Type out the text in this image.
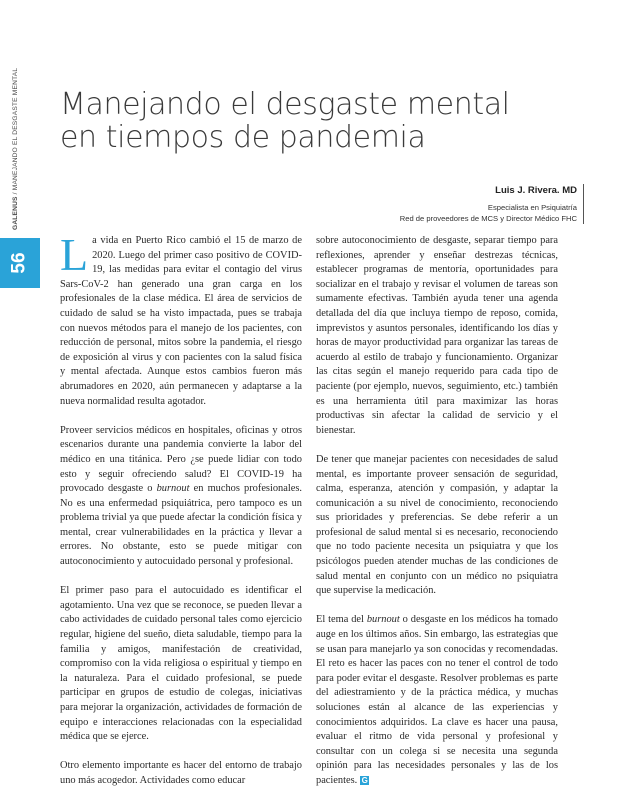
56
GALENUS / MANEJANDO EL DESGASTE MENTAL	Manejando el desgaste mental
en tiempos de pandemia
Luis J. Rivera. MD
Especialista en Psiquiatría
Red de proveedores de MCS y Director Médico FHC

La vida en Puerto Rico cambió el 15 de marzo de 2020. Luego del primer caso positivo de COVID-19, las medidas para evitar el contagio del virus Sars-CoV-2 han generado una gran carga en los profesionales de la clase médica. El área de servicios de cuidado de salud se ha visto impactada, pues se trabaja con nuevos métodos para el manejo de los pacientes, con reducción de personal, mitos sobre la pandemia, el riesgo de exposición al virus y con pacientes con la salud física y mental afectada. Aunque estos cambios fueron más abrumadores en 2020, aún permanecen y adaptarse a la nueva normalidad resulta agotador.

Proveer servicios médicos en hospitales, oficinas y otros escenarios durante una pandemia convierte la labor del médico en una titánica. Pero ¿se puede lidiar con todo esto y seguir ofreciendo salud? El COVID-19 ha provocado desgaste o burnout en muchos profesionales. No es una enfermedad psiquiátrica, pero tampoco es un problema trivial ya que puede afectar la condición física y mental, crear vulnerabilidades en la práctica y llevar a errores. No obstante, esto se puede mitigar con autoconocimiento y autocuidado personal y profesional.

El primer paso para el autocuidado es identificar el agotamiento. Una vez que se reconoce, se pueden llevar a cabo actividades de cuidado personal tales como ejercicio regular, higiene del sueño, dieta saludable, tiempo para la familia y amigos, manifestación de creatividad, compromiso con la vida religiosa o espiritual y tiempo en la naturaleza. Para el cuidado profesional, se puede participar en grupos de estudio de colegas, iniciativas para mejorar la organización, actividades de formación de equipo e interacciones relacionadas con la especialidad médica que se ejerce.

Otro elemento importante es hacer del entorno de trabajo uno más acogedor. Actividades como educar

sobre autoconocimiento de desgaste, separar tiempo para reflexiones, aprender y enseñar destrezas técnicas, establecer programas de mentoría, oportunidades para socializar en el trabajo y revisar el volumen de tareas son sumamente efectivas. También ayuda tener una agenda detallada del día que incluya tiempo de reposo, comida, imprevistos y asuntos personales, identificando los días y horas de mayor productividad para organizar las tareas de acuerdo al estilo de trabajo y funcionamiento. Organizar las citas según el manejo requerido para cada tipo de paciente (por ejemplo, nuevos, seguimiento, etc.) también es una herramienta útil para maximizar las horas productivas sin afectar la calidad de servicio y el bienestar.

De tener que manejar pacientes con necesidades de salud mental, es importante proveer sensación de seguridad, calma, esperanza, atención y compasión, y adaptar la comunicación a su nivel de conocimiento, reconociendo sus prioridades y preferencias. Se debe referir a un profesional de salud mental si es necesario, reconociendo que no todo paciente necesita un psiquiatra y que los psicólogos pueden atender muchas de las condiciones de salud mental en conjunto con un médico no psiquiatra que supervise la medicación.

El tema del burnout o desgaste en los médicos ha tomado auge en los últimos años. Sin embargo, las estrategias que se usan para manejarlo ya son conocidas y recomendadas. El reto es hacer las paces con no tener el control de todo para poder evitar el desgaste. Resolver problemas es parte del adiestramiento y de la práctica médica, y muchas soluciones están al alcance de las experiencias y conocimientos adquiridos. La clave es hacer una pausa, evaluar el ritmo de vida personal y profesional y consultar con un colega si se necesita una segunda opinión para las necesidades personales y las de los pacientes. G
